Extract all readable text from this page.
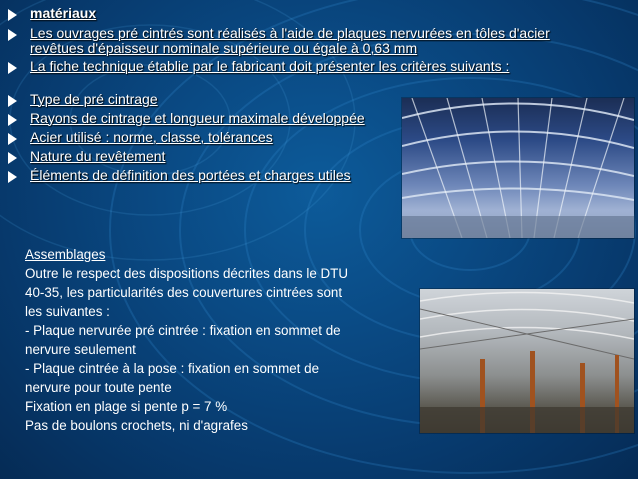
matériaux
Les ouvrages pré cintrés sont réalisés à l'aide de plaques nervurées en tôles d'acier revêtues d'épaisseur nominale supérieure ou égale à 0,63 mm
La fiche technique établie par le fabricant doit présenter les critères suivants :
Type de pré cintrage
Rayons de cintrage et longueur maximale développée
Acier utilisé : norme, classe, tolérances
Nature du revêtement
Éléments de définition des portées et charges utiles
Assemblages
Outre le respect des dispositions décrites dans le DTU
40-35, les particularités des couvertures cintrées sont
les suivantes :
- Plaque nervurée pré cintrée : fixation en sommet de
nervure seulement
- Plaque cintrée à la pose : fixation en sommet de
nervure pour toute pente
Fixation en plage si pente p = 7 %
Pas de boulons crochets, ni d'agrafes
